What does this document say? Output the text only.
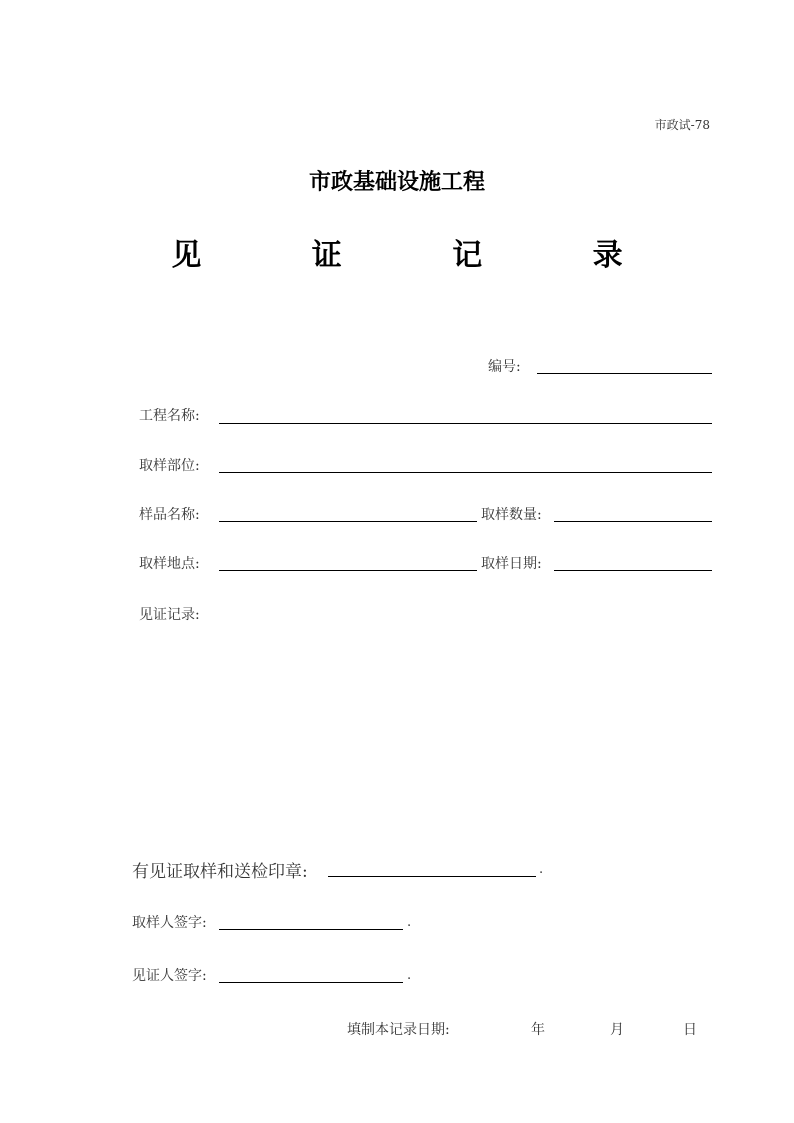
市政试-78
市政基础设施工程
见 证 记 录
编号:
工程名称:
取样部位:
样品名称:	取样数量:
取样地点:	取样日期:
见证记录:
有见证取样和送检印章:	.
取样人签字:	.
见证人签字:	.
填制本记录日期:	年	月	日
